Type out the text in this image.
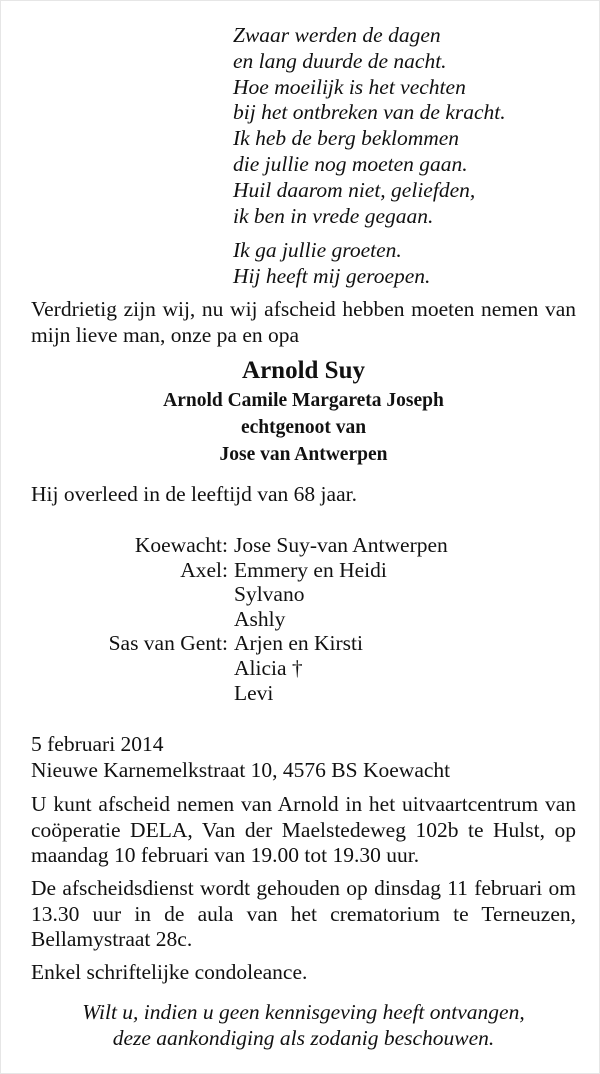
Zwaar werden de dagen
en lang duurde de nacht.
Hoe moeilijk is het vechten
bij het ontbreken van de kracht.
Ik heb de berg beklommen
die jullie nog moeten gaan.
Huil daarom niet, geliefden,
ik ben in vrede gegaan.
Ik ga jullie groeten.
Hij heeft mij geroepen.
Verdrietig zijn wij, nu wij afscheid hebben moeten nemen van mijn lieve man, onze pa en opa
Arnold Suy
Arnold Camile Margareta Joseph
echtgenoot van
Jose van Antwerpen
Hij overleed in de leeftijd van 68 jaar.
Koewacht: Jose Suy-van Antwerpen
Axel: Emmery en Heidi
Sylvano
Ashly
Sas van Gent: Arjen en Kirsti
Alicia †
Levi
5 februari 2014
Nieuwe Karnemelkstraat 10, 4576 BS Koewacht
U kunt afscheid nemen van Arnold in het uitvaartcentrum van coöperatie DELA, Van der Maelstedeweg 102b te Hulst, op maandag 10 februari van 19.00 tot 19.30 uur.
De afscheidsdienst wordt gehouden op dinsdag 11 februari om 13.30 uur in de aula van het crematorium te Terneuzen, Bellamystraat 28c.
Enkel schriftelijke condoleance.
Wilt u, indien u geen kennisgeving heeft ontvangen,
deze aankondiging als zodanig beschouwen.
